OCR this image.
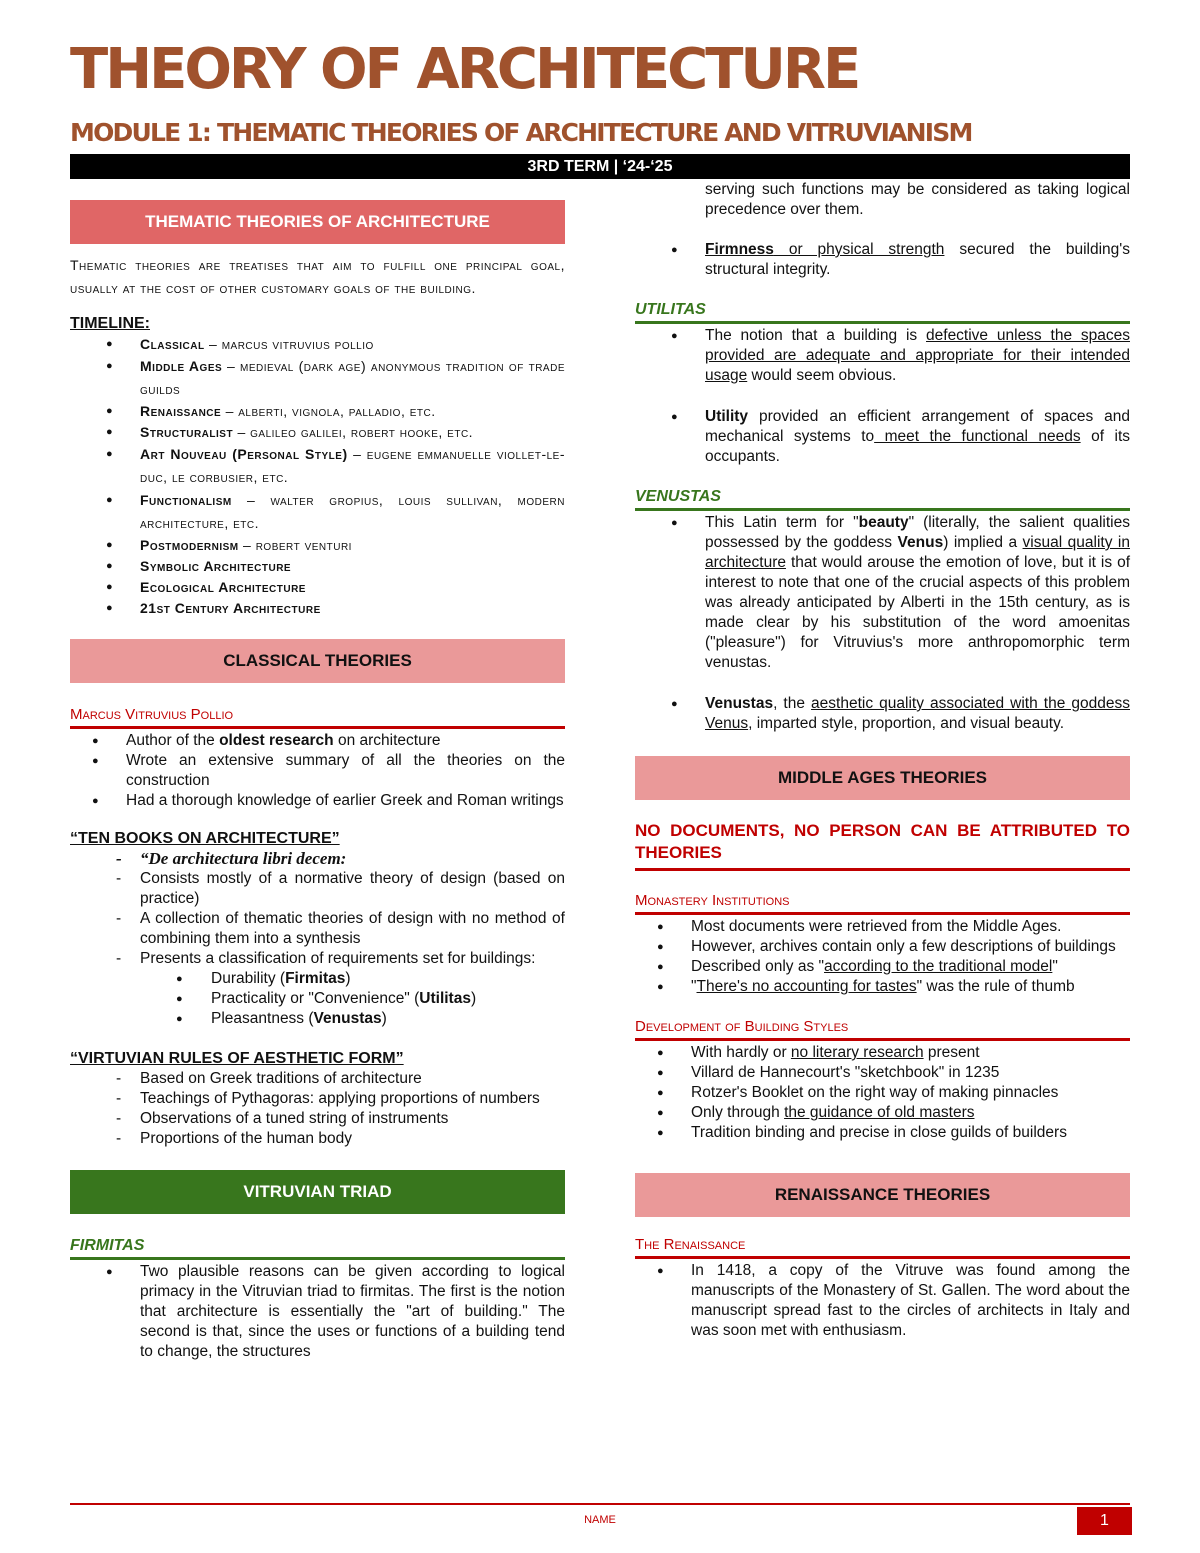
THEORY OF ARCHITECTURE
MODULE 1: THEMATIC THEORIES OF ARCHITECTURE AND VITRUVIANISM
3RD TERM | ‘24-‘25
THEMATIC THEORIES OF ARCHITECTURE
Thematic theories are treatises that aim to fulfill one principal goal, usually at the cost of other customary goals of the building.
TIMELINE:
● Classical – marcus vitruvius pollio
● Middle Ages – medieval (dark age) anonymous tradition of trade guilds
● Renaissance – alberti, vignola, palladio, etc.
● Structuralist – galileo galilei, robert hooke, etc.
● Art Nouveau (Personal Style) – eugene emmanuelle viollet-le-duc, le corbusier, etc.
● Functionalism – walter gropius, louis sullivan, modern architecture, etc.
● Postmodernism – robert venturi
● Symbolic Architecture
● Ecological Architecture
● 21st Century Architecture
CLASSICAL THEORIES
Marcus Vitruvius Pollio
● Author of the oldest research on architecture
● Wrote an extensive summary of all the theories on the construction
● Had a thorough knowledge of earlier Greek and Roman writings
“TEN BOOKS ON ARCHITECTURE”
- “De architectura libri decem:
- Consists mostly of a normative theory of design (based on practice)
- A collection of thematic theories of design with no method of combining them into a synthesis
- Presents a classification of requirements set for buildings:
● Durability (Firmitas)
● Practicality or "Convenience" (Utilitas)
● Pleasantness (Venustas)
“VIRTUVIAN RULES OF AESTHETIC FORM”
- Based on Greek traditions of architecture
- Teachings of Pythagoras: applying proportions of numbers
- Observations of a tuned string of instruments
- Proportions of the human body
VITRUVIAN TRIAD
FIRMITAS
● Two plausible reasons can be given according to logical primacy in the Vitruvian triad to firmitas. The first is the notion that architecture is essentially the "art of building." The second is that, since the uses or functions of a building tend to change, the structures
serving such functions may be considered as taking logical precedence over them.
● Firmness or physical strength secured the building's structural integrity.
UTILITAS
● The notion that a building is defective unless the spaces provided are adequate and appropriate for their intended usage would seem obvious.
● Utility provided an efficient arrangement of spaces and mechanical systems to meet the functional needs of its occupants.
VENUSTAS
● This Latin term for "beauty" (literally, the salient qualities possessed by the goddess Venus) implied a visual quality in architecture that would arouse the emotion of love, but it is of interest to note that one of the crucial aspects of this problem was already anticipated by Alberti in the 15th century, as is made clear by his substitution of the word amoenitas ("pleasure") for Vitruvius's more anthropomorphic term venustas.
● Venustas, the aesthetic quality associated with the goddess Venus, imparted style, proportion, and visual beauty.
MIDDLE AGES THEORIES
NO DOCUMENTS, NO PERSON CAN BE ATTRIBUTED TO THEORIES
Monastery Institutions
● Most documents were retrieved from the Middle Ages.
● However, archives contain only a few descriptions of buildings
● Described only as "according to the traditional model"
● "There's no accounting for tastes" was the rule of thumb
Development of Building Styles
● With hardly or no literary research present
● Villard de Hannecourt's "sketchbook" in 1235
● Rotzer's Booklet on the right way of making pinnacles
● Only through the guidance of old masters
● Tradition binding and precise in close guilds of builders
RENAISSANCE THEORIES
The Renaissance
● In 1418, a copy of the Vitruve was found among the manuscripts of the Monastery of St. Gallen. The word about the manuscript spread fast to the circles of architects in Italy and was soon met with enthusiasm.
NAME	1
